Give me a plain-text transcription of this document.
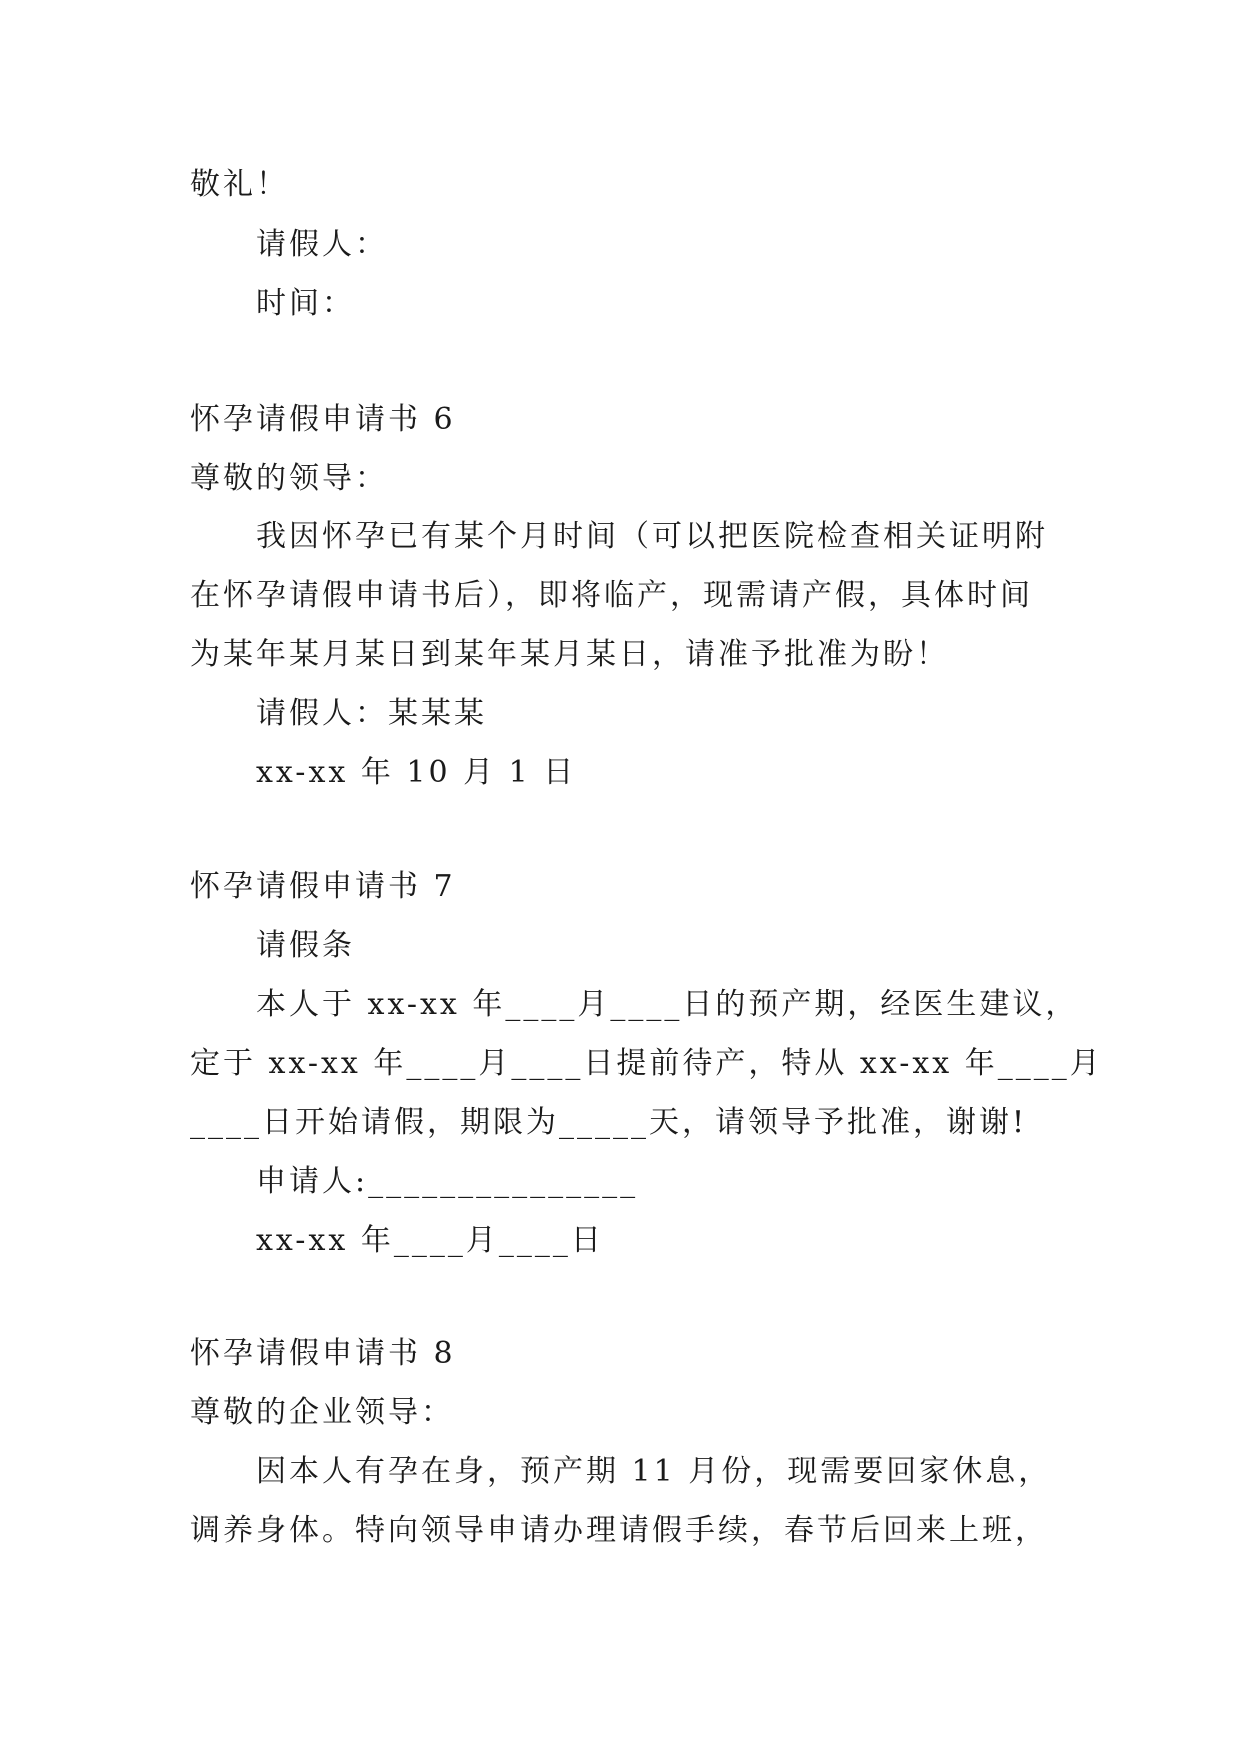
敬礼！
请假人：
时间：
怀孕请假申请书 6
尊敬的领导：
我因怀孕已有某个月时间（可以把医院检查相关证明附
在怀孕请假申请书后），即将临产，现需请产假，具体时间
为某年某月某日到某年某月某日，请准予批准为盼！
请假人：某某某
xx-xx 年 10 月 1 日
怀孕请假申请书 7
请假条
本人于 xx-xx 年____月____日的预产期，经医生建议，
定于 xx-xx 年____月____日提前待产，特从 xx-xx 年____月
____日开始请假，期限为_____天，请领导予批准，谢谢!
申请人:_______________
xx-xx 年____月____日
怀孕请假申请书 8
尊敬的企业领导：
因本人有孕在身，预产期 11 月份，现需要回家休息，
调养身体。特向领导申请办理请假手续，春节后回来上班，
